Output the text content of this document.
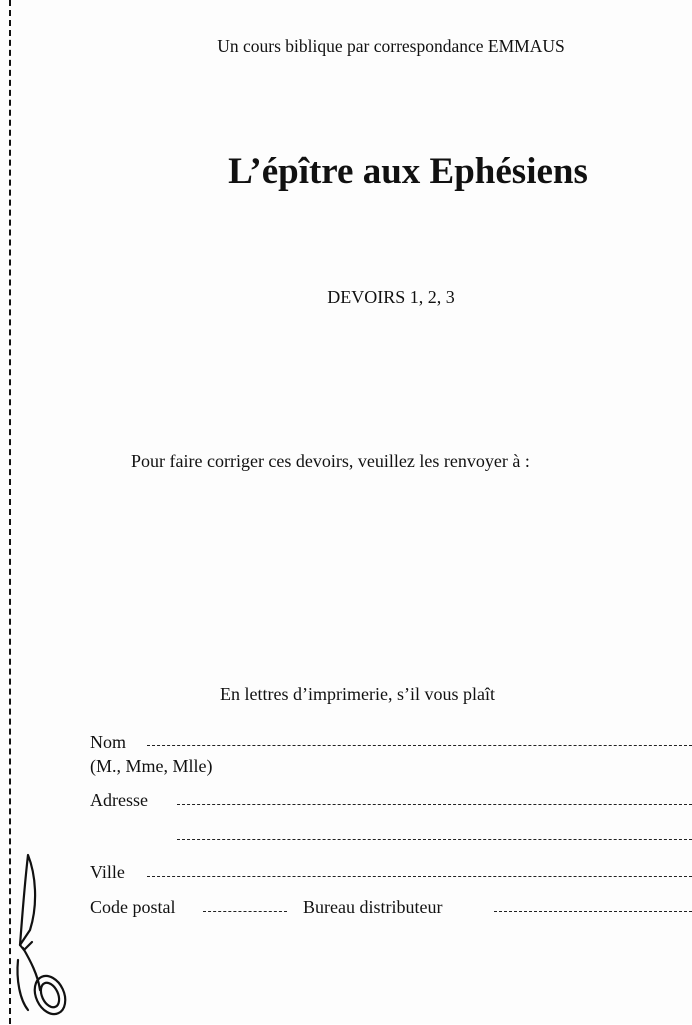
Un cours biblique par correspondance EMMAUS
L’épître aux Ephésiens
DEVOIRS 1, 2, 3
Pour faire corriger ces devoirs, veuillez les renvoyer à :
En lettres d’imprimerie, s’il vous plaît
Nom
(M., Mme, Mlle)
Adresse
Ville
Code postal	Bureau distributeur
